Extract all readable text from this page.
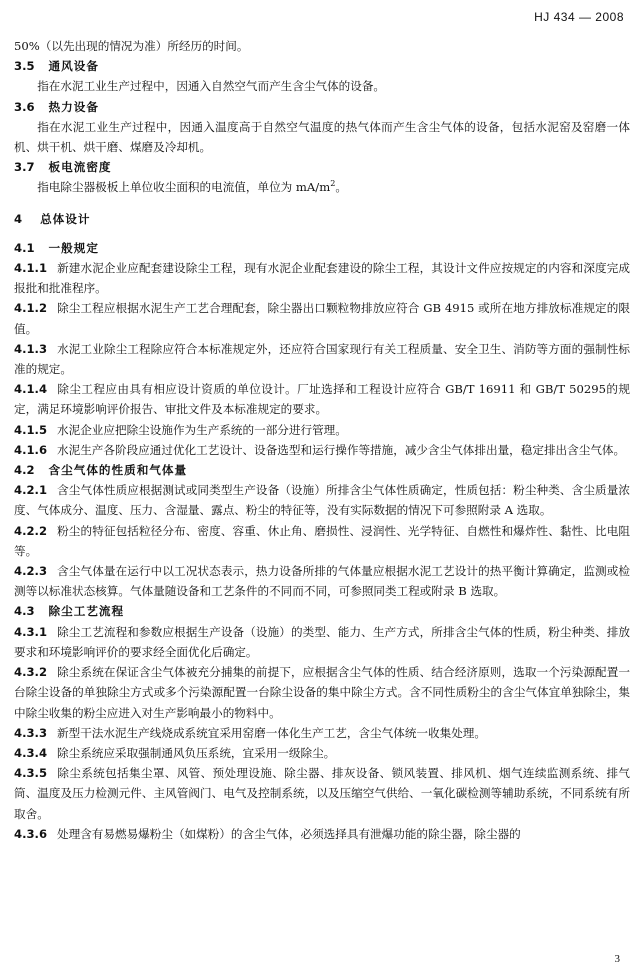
HJ 434 — 2008

50%（以先出现的情况为准）所经历的时间。

3.5 通风设备

指在水泥工业生产过程中，因通入自然空气而产生含尘气体的设备。

3.6 热力设备

指在水泥工业生产过程中，因通入温度高于自然空气温度的热气体而产生含尘气体的设备，包括水泥窑及窑磨一体机、烘干机、烘干磨、煤磨及冷却机。

3.7 板电流密度

指电除尘器极板上单位收尘面积的电流值，单位为 $mA/m^2$。

4 总体设计
4.1 一般规定

4.1.1 新建水泥企业应配套建设除尘工程，现有水泥企业配套建设的除尘工程，其设计文件应按规定的内容和深度完成报批和批准程序。

4.1.2 除尘工程应根据水泥生产工艺合理配套，除尘器出口颗粒物排放应符合 GB 4915 或所在地方排放标准规定的限值。

4.1.3 水泥工业除尘工程除应符合本标准规定外，还应符合国家现行有关工程质量、安全卫生、消防等方面的强制性标准的规定。

4.1.4 除尘工程应由具有相应设计资质的单位设计。厂址选择和工程设计应符合 GB/T 16911 和 GB/T 50295的规定，满足环境影响评价报告、审批文件及本标准规定的要求。

4.1.5 水泥企业应把除尘设施作为生产系统的一部分进行管理。

4.1.6 水泥生产各阶段应通过优化工艺设计、设备选型和运行操作等措施，减少含尘气体排出量，稳定排出含尘气体。

4.2 含尘气体的性质和气体量

4.2.1 含尘气体性质应根据测试或同类型生产设备（设施）所排含尘气体性质确定，性质包括：粉尘种类、含尘质量浓度、气体成分、温度、压力、含湿量、露点、粉尘的特征等，没有实际数据的情况下可参照附录 A 选取。

4.2.2 粉尘的特征包括粒径分布、密度、容重、休止角、磨损性、浸润性、光学特征、自燃性和爆炸性、黏性、比电阻等。

4.2.3 含尘气体量在运行中以工况状态表示，热力设备所排的气体量应根据水泥工艺设计的热平衡计算确定，监测或检测等以标准状态核算。气体量随设备和工艺条件的不同而不同，可参照同类工程或附录 B 选取。

4.3 除尘工艺流程

4.3.1 除尘工艺流程和参数应根据生产设备（设施）的类型、能力、生产方式，所排含尘气体的性质，粉尘种类、排放要求和环境影响评价的要求经全面优化后确定。

4.3.2 除尘系统在保证含尘气体被充分捕集的前提下，应根据含尘气体的性质、结合经济原则，选取一个污染源配置一台除尘设备的单独除尘方式或多个污染源配置一台除尘设备的集中除尘方式。含不同性质粉尘的含尘气体宜单独除尘，集中除尘收集的粉尘应进入对生产影响最小的物料中。

4.3.3 新型干法水泥生产线烧成系统宜采用窑磨一体化生产工艺，含尘气体统一收集处理。

4.3.4 除尘系统应采取强制通风负压系统，宜采用一级除尘。

4.3.5 除尘系统包括集尘罩、风管、预处理设施、除尘器、排灰设备、锁风装置、排风机、烟气连续监测系统、排气筒、温度及压力检测元件、主风管阀门、电气及控制系统，以及压缩空气供给、一氧化碳检测等辅助系统，不同系统有所取舍。

4.3.6 处理含有易燃易爆粉尘（如煤粉）的含尘气体，必须选择具有泄爆功能的除尘器，除尘器的

3
